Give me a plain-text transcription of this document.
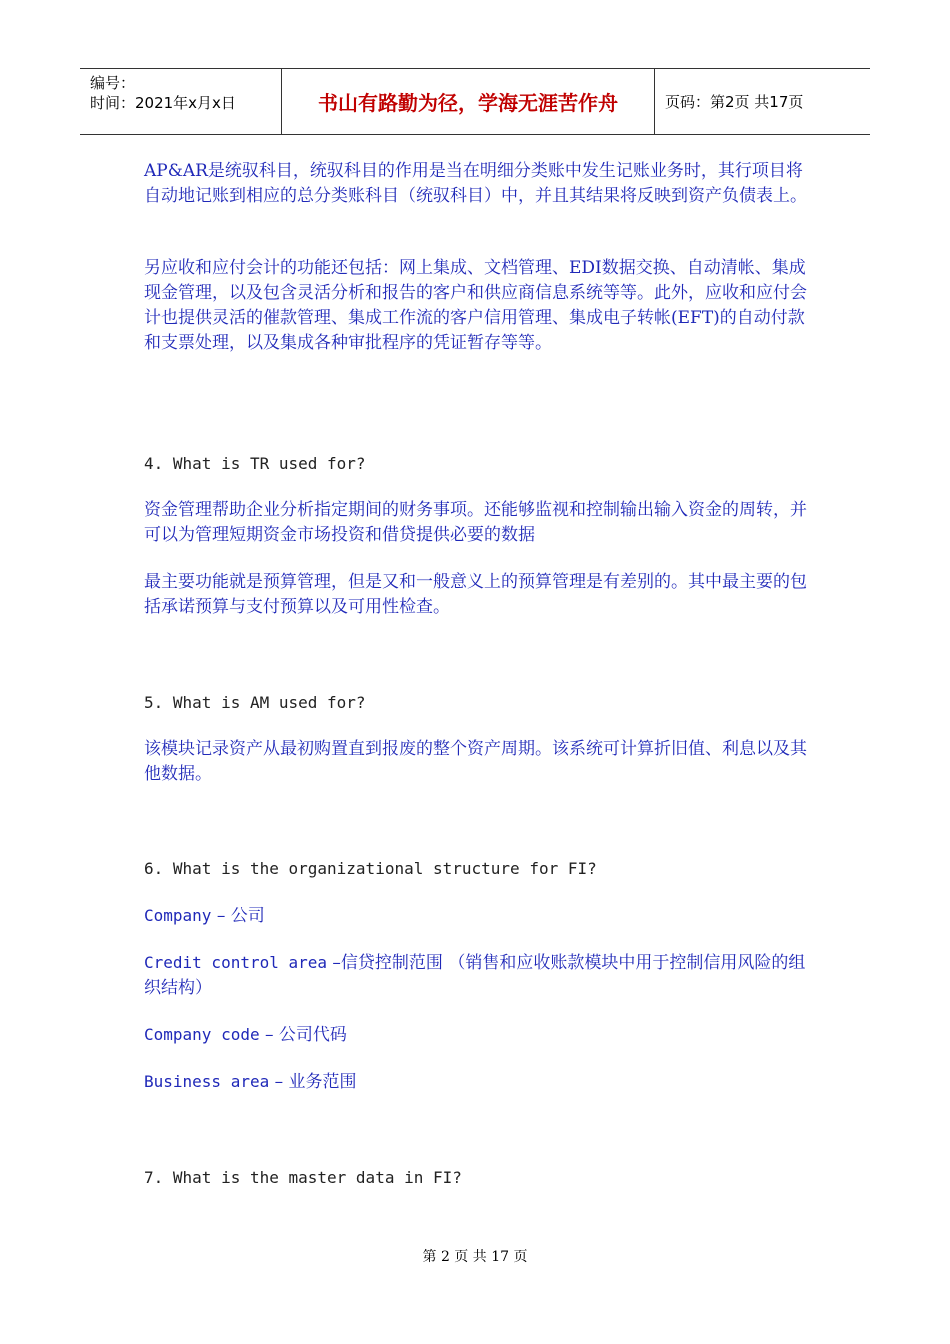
编号：
时间：2021年x月x日	书山有路勤为径，学海无涯苦作舟	页码：第2页 共17页

AP&AR是统驭科目，统驭科目的作用是当在明细分类账中发生记账业务时，其行项目将自动地记账到相应的总分类账科目（统驭科目）中，并且其结果将反映到资产负债表上。

另应收和应付会计的功能还包括：网上集成、文档管理、EDI数据交换、自动清帐、集成现金管理，以及包含灵活分析和报告的客户和供应商信息系统等等。此外，应收和应付会计也提供灵活的催款管理、集成工作流的客户信用管理、集成电子转帐(EFT)的自动付款和支票处理，以及集成各种审批程序的凭证暂存等等。

4. What is TR used for?

资金管理帮助企业分析指定期间的财务事项。还能够监视和控制输出输入资金的周转，并可以为管理短期资金市场投资和借贷提供必要的数据

最主要功能就是预算管理，但是又和一般意义上的预算管理是有差别的。其中最主要的包括承诺预算与支付预算以及可用性检查。

5. What is AM used for?

该模块记录资产从最初购置直到报废的整个资产周期。该系统可计算折旧值、利息以及其他数据。

6. What is the organizational structure for FI?

Company – 公司

Credit control area –信贷控制范围 （销售和应收账款模块中用于控制信用风险的组织结构）

Company code – 公司代码

Business area – 业务范围

7. What is the master data in FI?

第 2 页 共 17 页
